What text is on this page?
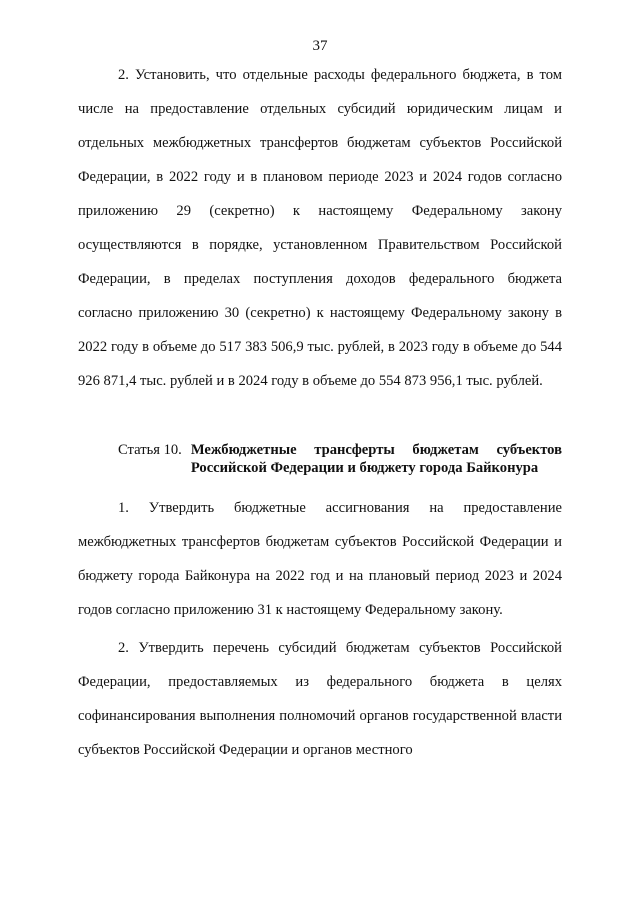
37
2. Установить, что отдельные расходы федерального бюджета, в том числе на предоставление отдельных субсидий юридическим лицам и отдельных межбюджетных трансфертов бюджетам субъектов Российской Федерации, в 2022 году и в плановом периоде 2023 и 2024 годов согласно приложению 29 (секретно) к настоящему Федеральному закону осуществляются в порядке, установленном Правительством Российской Федерации, в пределах поступления доходов федерального бюджета согласно приложению 30 (секретно) к настоящему Федеральному закону в 2022 году в объеме до 517 383 506,9 тыс. рублей, в 2023 году в объеме до 544 926 871,4 тыс. рублей и в 2024 году в объеме до 554 873 956,1 тыс. рублей.
Статья 10. Межбюджетные трансферты бюджетам субъектов Российской Федерации и бюджету города Байконура
1. Утвердить бюджетные ассигнования на предоставление межбюджетных трансфертов бюджетам субъектов Российской Федерации и бюджету города Байконура на 2022 год и на плановый период 2023 и 2024 годов согласно приложению 31 к настоящему Федеральному закону.
2. Утвердить перечень субсидий бюджетам субъектов Российской Федерации, предоставляемых из федерального бюджета в целях софинансирования выполнения полномочий органов государственной власти субъектов Российской Федерации и органов местного
